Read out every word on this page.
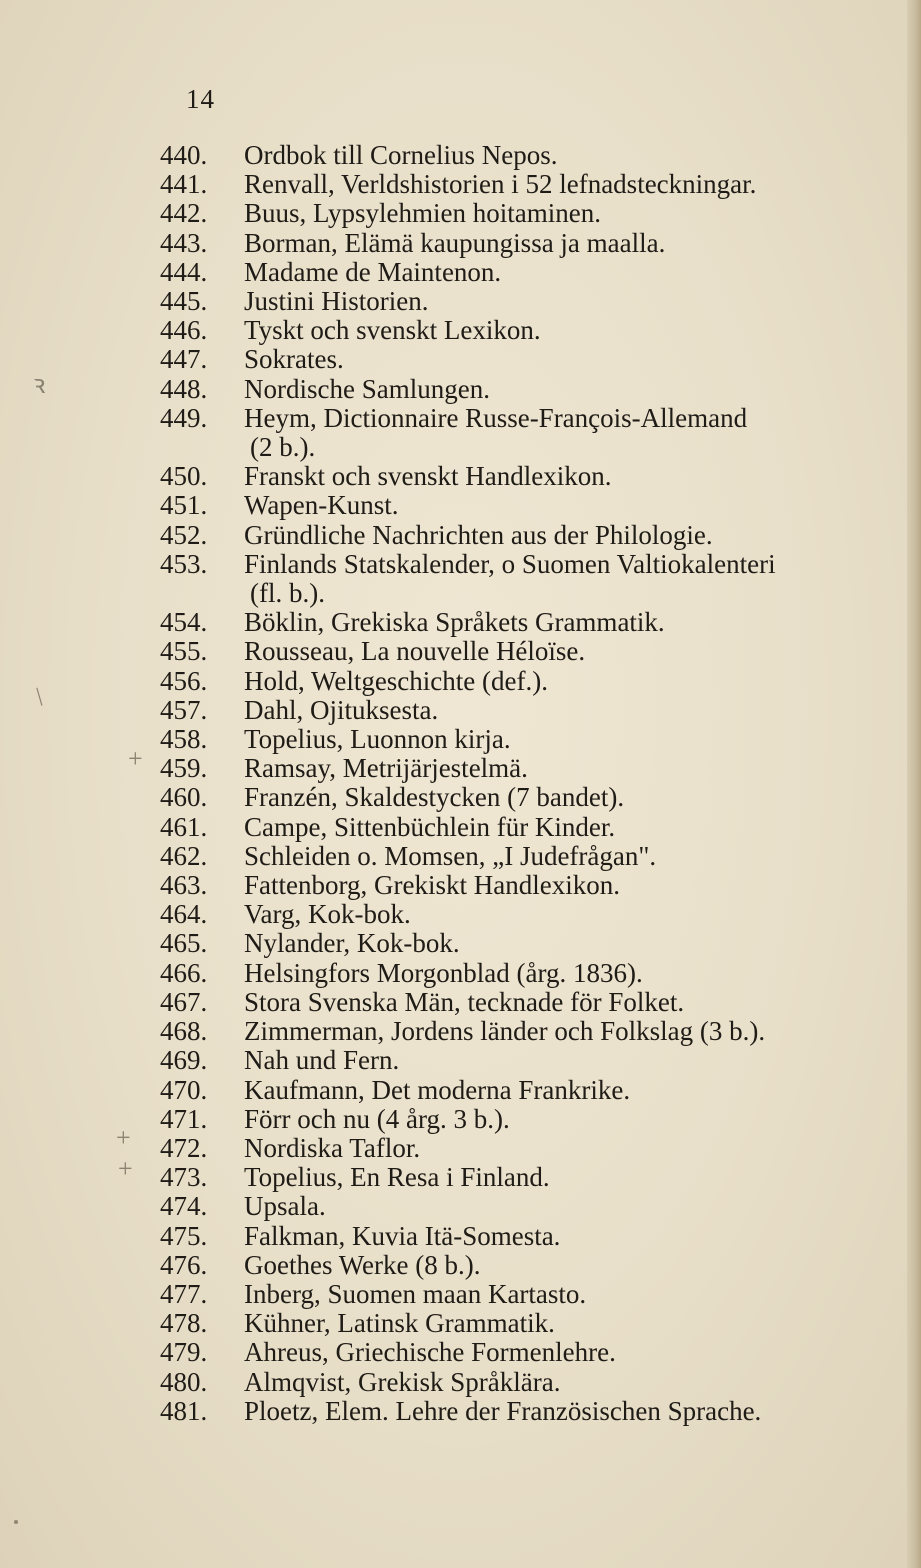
14
440.	Ordbok till Cornelius Nepos.
441.	Renvall, Verldshistorien i 52 lefnadsteckningar.
442.	Buus, Lypsylehmien hoitaminen.
443.	Borman, Elämä kaupungissa ja maalla.
444.	Madame de Maintenon.
445.	Justini Historien.
446.	Tyskt och svenskt Lexikon.
447.	Sokrates.
448.	Nordische Samlungen.
449.	Heym, Dictionnaire Russe-François-Allemand
(2 b.).
450.	Franskt och svenskt Handlexikon.
451.	Wapen-Kunst.
452.	Gründliche Nachrichten aus der Philologie.
453.	Finlands Statskalender, o Suomen Valtiokalenteri
(fl. b.).
454.	Böklin, Grekiska Språkets Grammatik.
455.	Rousseau, La nouvelle Héloïse.
456.	Hold, Weltgeschichte (def.).
457.	Dahl, Ojituksesta.
458.	Topelius, Luonnon kirja.
459.	Ramsay, Metrijärjestelmä.
460.	Franzén, Skaldestycken (7 bandet).
461.	Campe, Sittenbüchlein für Kinder.
462.	Schleiden o. Momsen, „I Judefrågan".
463.	Fattenborg, Grekiskt Handlexikon.
464.	Varg, Kok-bok.
465.	Nylander, Kok-bok.
466.	Helsingfors Morgonblad (årg. 1836).
467.	Stora Svenska Män, tecknade för Folket.
468.	Zimmerman, Jordens länder och Folkslag (3 b.).
469.	Nah und Fern.
470.	Kaufmann, Det moderna Frankrike.
471.	Förr och nu (4 årg. 3 b.).
472.	Nordiska Taflor.
473.	Topelius, En Resa i Finland.
474.	Upsala.
475.	Falkman, Kuvia Itä-Somesta.
476.	Goethes Werke (8 b.).
477.	Inberg, Suomen maan Kartasto.
478.	Kühner, Latinsk Grammatik.
479.	Ahreus, Griechische Formenlehre.
480.	Almqvist, Grekisk Språklära.
481.	Ploetz, Elem. Lehre der Französischen Sprache.
ꝛ
/
+
+
+
